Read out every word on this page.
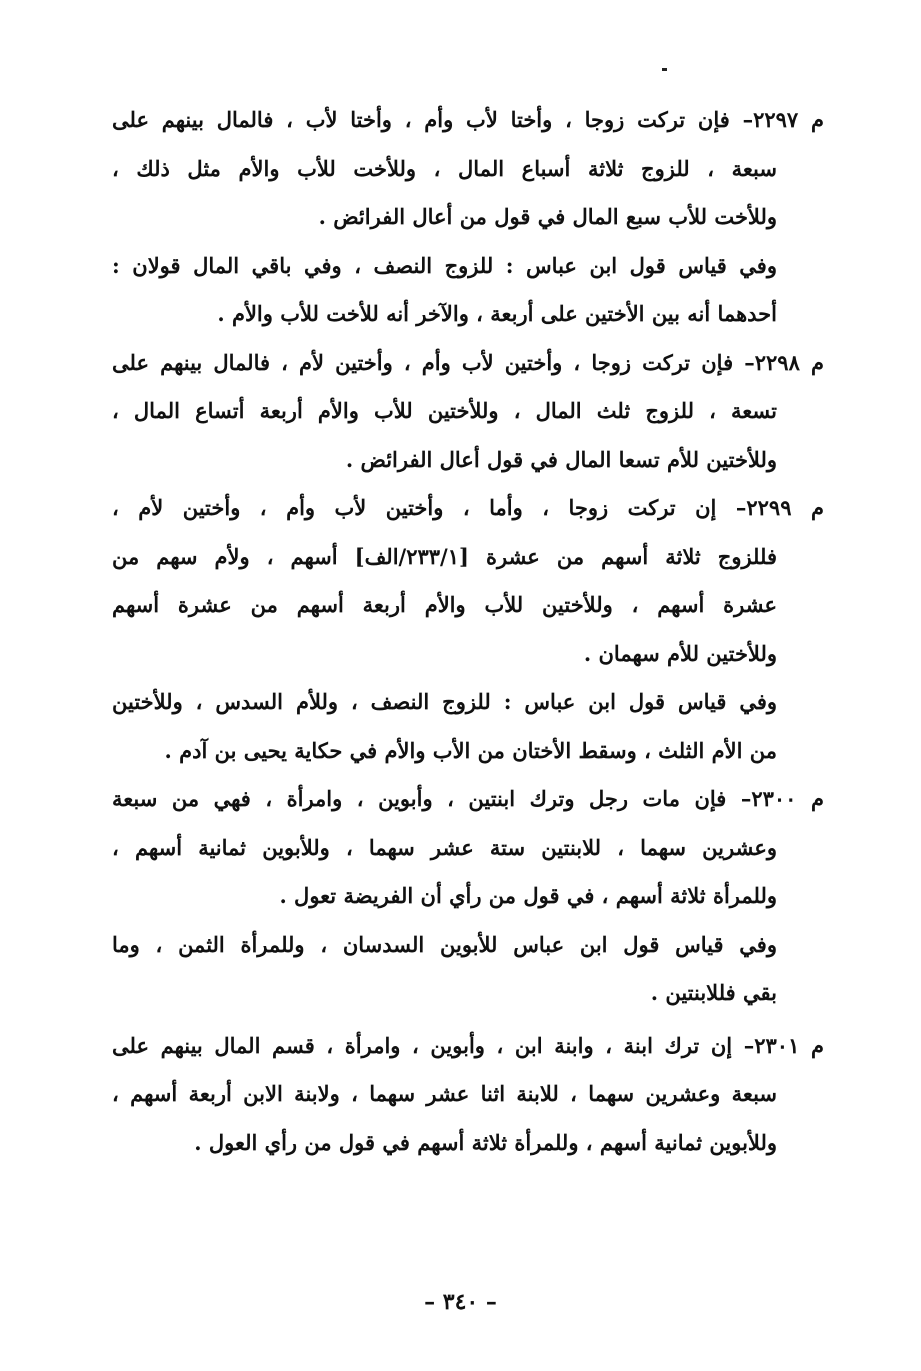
م ٢٢٩٧– فإن تركت زوجا ، وأختا لأب وأم ، وأختا لأب ، فالمال بينهم على
سبعة ، للزوج ثلاثة أسباع المال ، وللأخت للأب والأم مثل ذلك ،
وللأخت للأب سبع المال في قول من أعال الفرائض .

وفي قياس قول ابن عباس : للزوج النصف ، وفي باقي المال قولان :
أحدهما أنه بين الأختين على أربعة ، والآخر أنه للأخت للأب والأم .

م ٢٢٩٨– فإن تركت زوجا ، وأختين لأب وأم ، وأختين لأم ، فالمال بينهم على
تسعة ، للزوج ثلث المال ، وللأختين للأب والأم أربعة أتساع المال ،
وللأختين للأم تسعا المال في قول أعال الفرائض .

م ٢٢٩٩– إن تركت زوجا ، وأما ، وأختين لأب وأم ، وأختين لأم ،
فللزوج ثلاثة أسهم من عشرة [٢٣٣/١/الف] أسهم ، ولأم سهم من
عشرة أسهم ، وللأختين للأب والأم أربعة أسهم من عشرة أسهم
وللأختين للأم سهمان .

وفي قياس قول ابن عباس : للزوج النصف ، وللأم السدس ، وللأختين
من الأم الثلث ، وسقط الأختان من الأب والأم في حكاية يحيى بن آدم .

م ٢٣٠٠– فإن مات رجل وترك ابنتين ، وأبوين ، وامرأة ، فهي من سبعة
وعشرين سهما ، للابنتين ستة عشر سهما ، وللأبوين ثمانية أسهم ،
وللمرأة ثلاثة أسهم ، في قول من رأي أن الفريضة تعول .

وفي قياس قول ابن عباس للأبوين السدسان ، وللمرأة الثمن ، وما
بقي فللابنتين .

م ٢٣٠١– إن ترك ابنة ، وابنة ابن ، وأبوين ، وامرأة ، قسم المال بينهم على
سبعة وعشرين سهما ، للابنة اثنا عشر سهما ، ولابنة الابن أربعة أسهم ،
وللأبوين ثمانية أسهم ، وللمرأة ثلاثة أسهم في قول من رأي العول .

– ٣٤٠ –
